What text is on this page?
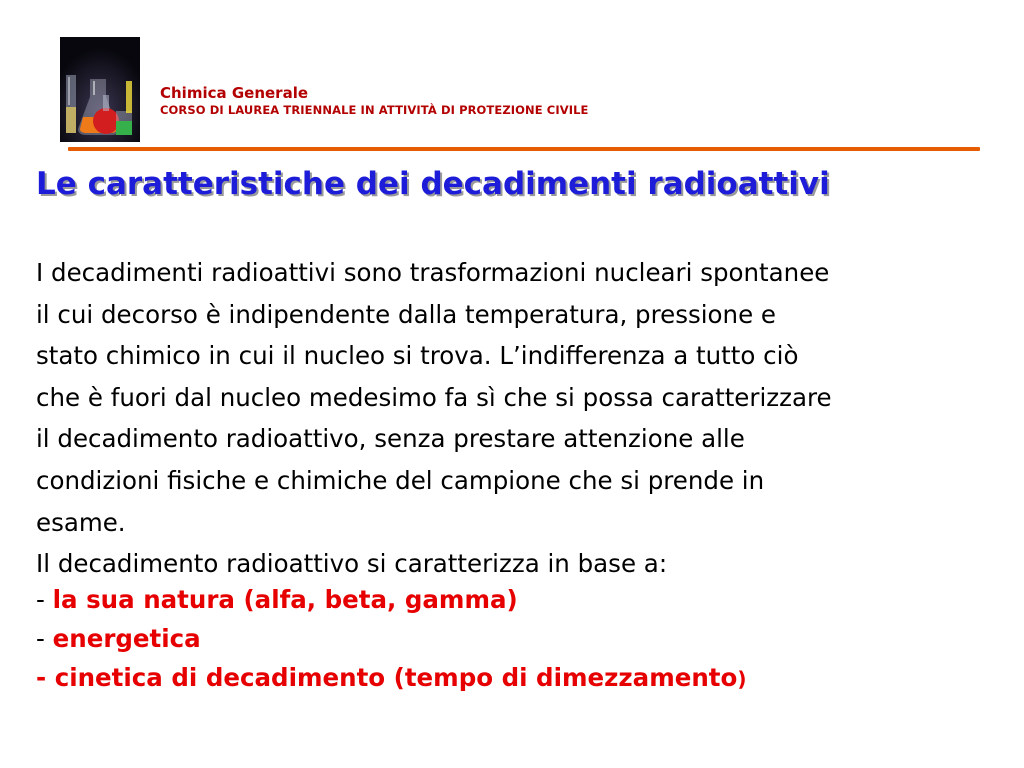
Chimica Generale
CORSO DI LAUREA TRIENNALE IN ATTIVITÀ DI PROTEZIONE CIVILE
Le caratteristiche dei decadimenti radioattivi
I decadimenti radioattivi sono trasformazioni nucleari spontanee
il cui decorso è indipendente dalla temperatura, pressione e
stato chimico in cui il nucleo si trova. L’indifferenza a tutto ciò
che è fuori dal nucleo medesimo fa sì che si possa caratterizzare
il decadimento radioattivo, senza prestare attenzione alle
condizioni fisiche e chimiche del campione che si prende in
esame.
Il decadimento radioattivo si caratterizza in base a:
- la sua natura (alfa, beta, gamma)
- energetica
- cinetica di decadimento (tempo di dimezzamento)
